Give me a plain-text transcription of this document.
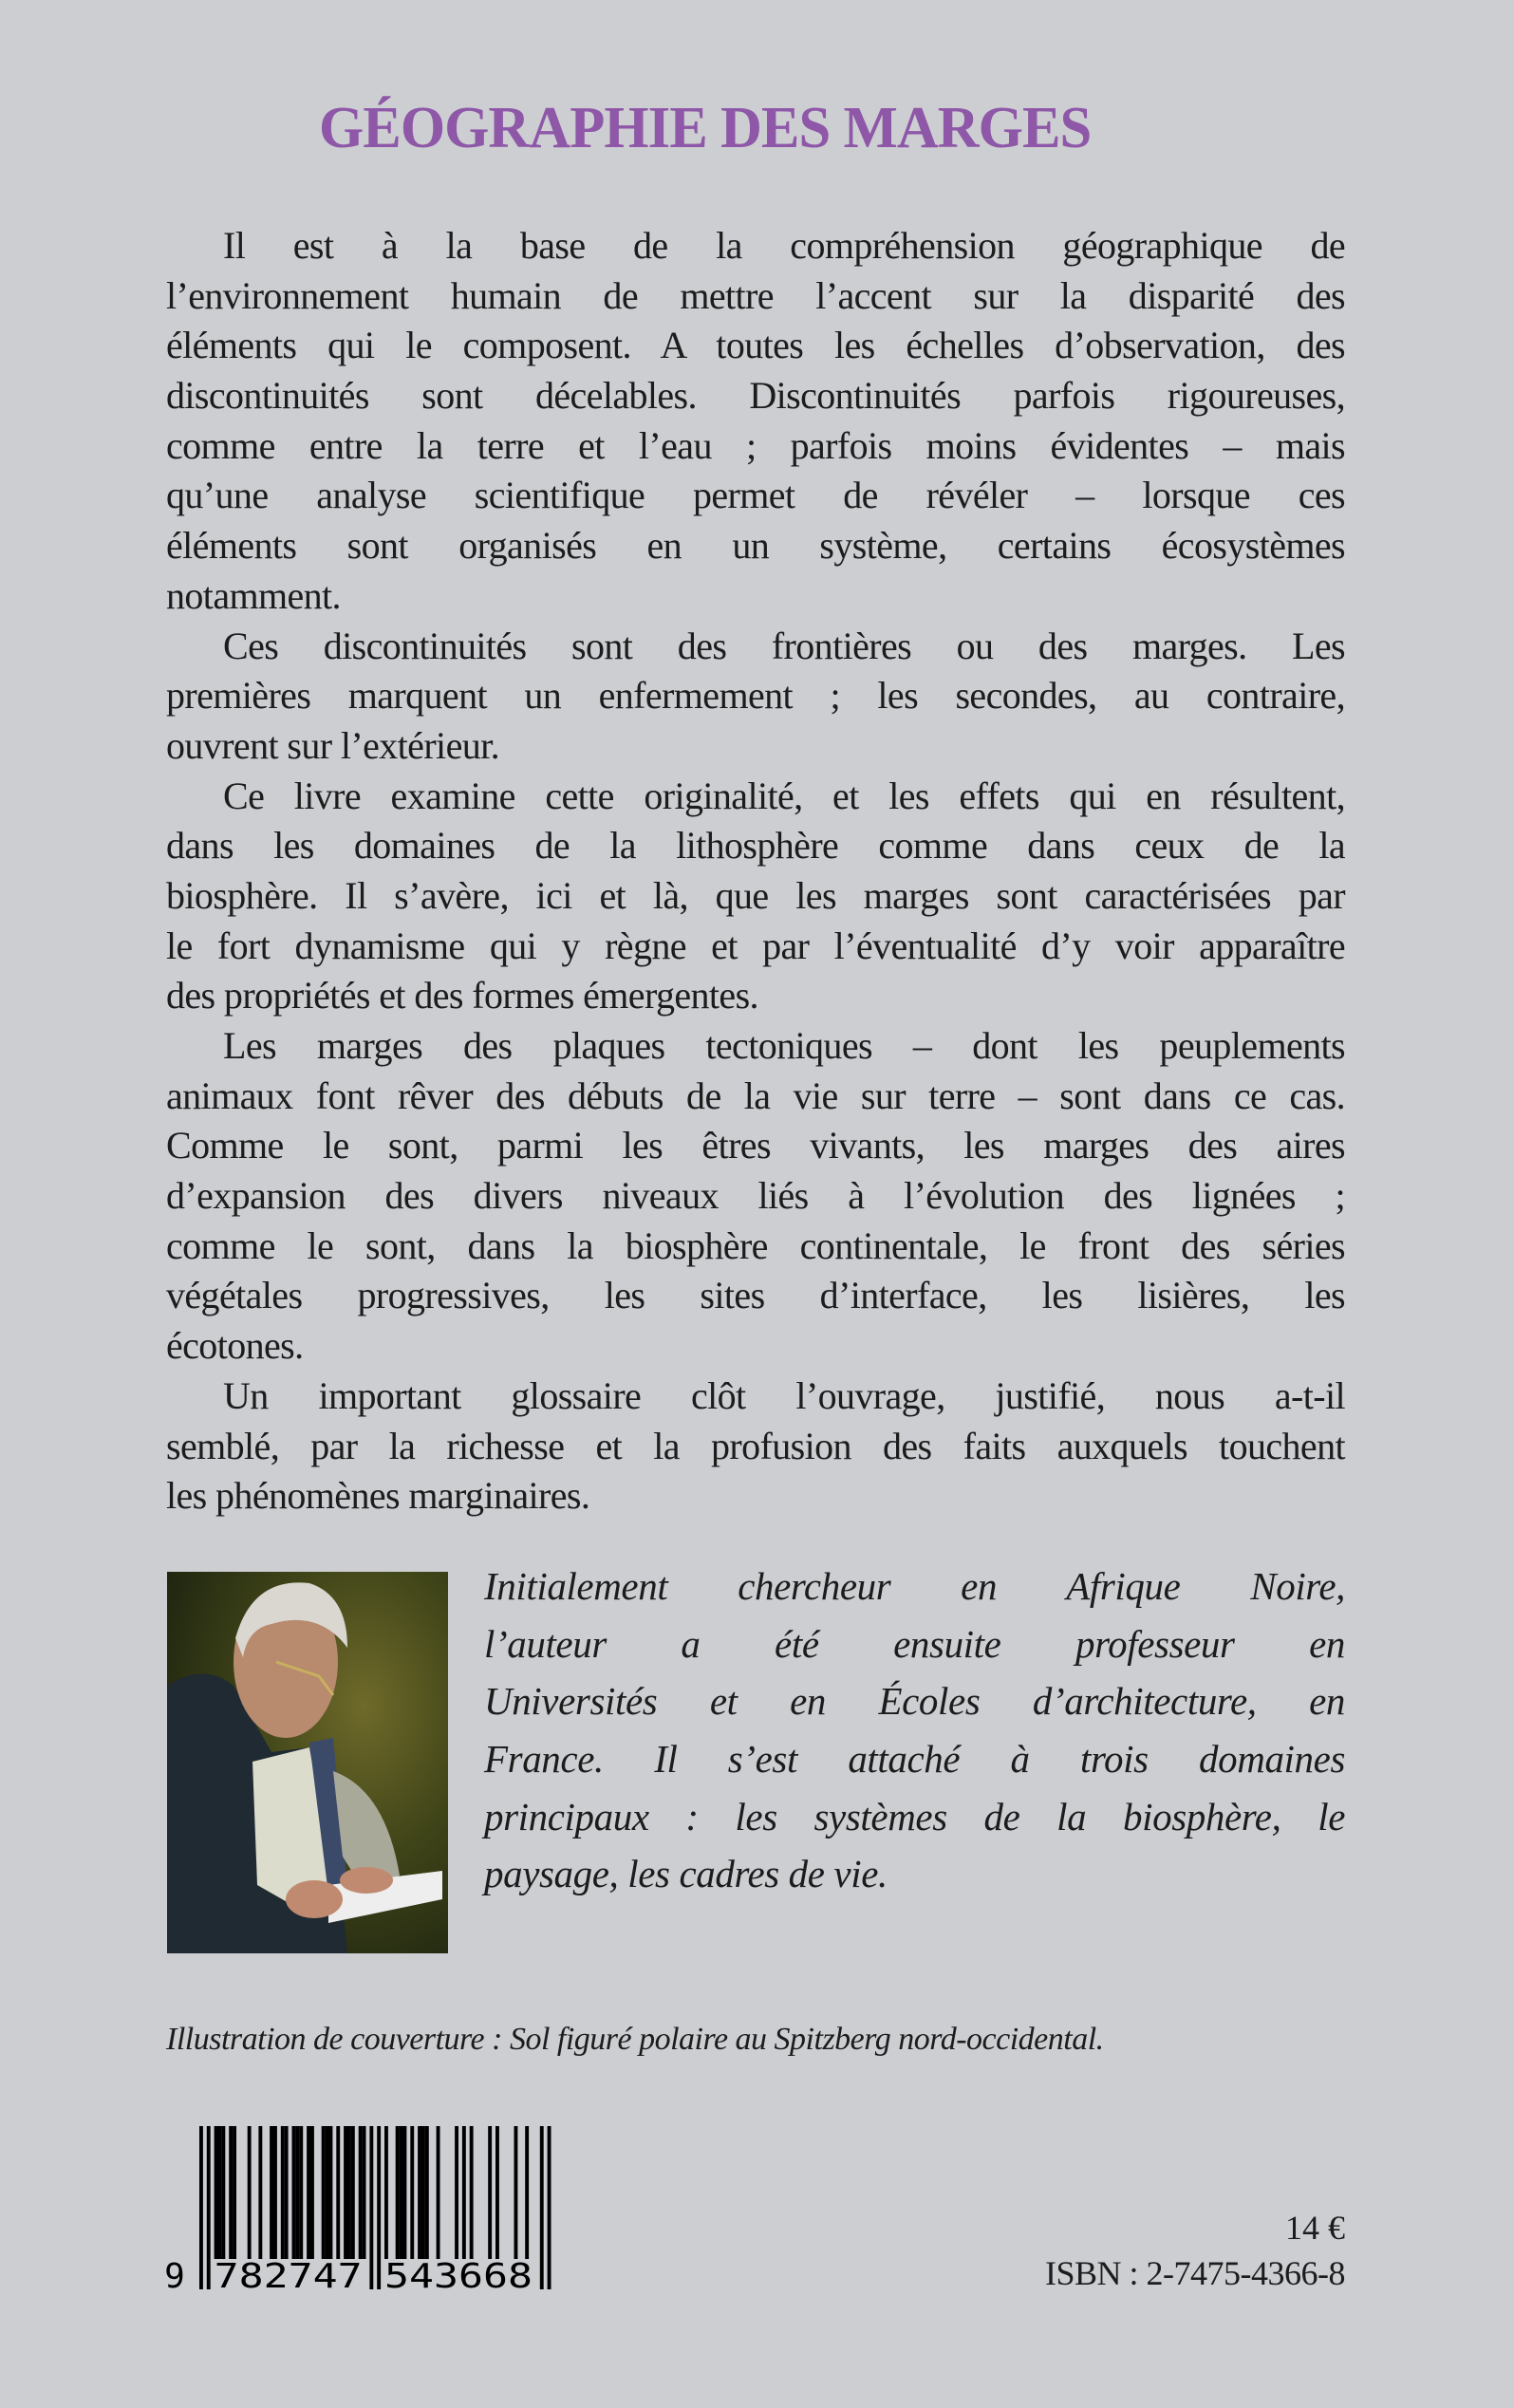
GÉOGRAPHIE DES MARGES
Il est à la base de la compréhension géographique de
l’environnement humain de mettre l’accent sur la disparité des
éléments qui le composent. A toutes les échelles d’observation, des
discontinuités sont décelables. Discontinuités parfois rigoureuses,
comme entre la terre et l’eau ; parfois moins évidentes – mais
qu’une analyse scientifique permet de révéler – lorsque ces
éléments sont organisés en un système, certains écosystèmes
notamment.
Ces discontinuités sont des frontières ou des marges. Les
premières marquent un enfermement ; les secondes, au contraire,
ouvrent sur l’extérieur.
Ce livre examine cette originalité, et les effets qui en résultent,
dans les domaines de la lithosphère comme dans ceux de la
biosphère. Il s’avère, ici et là, que les marges sont caractérisées par
le fort dynamisme qui y règne et par l’éventualité d’y voir apparaître
des propriétés et des formes émergentes.
Les marges des plaques tectoniques – dont les peuplements
animaux font rêver des débuts de la vie sur terre – sont dans ce cas.
Comme le sont, parmi les êtres vivants, les marges des aires
d’expansion des divers niveaux liés à l’évolution des lignées ;
comme le sont, dans la biosphère continentale, le front des séries
végétales progressives, les sites d’interface, les lisières, les
écotones.
Un important glossaire clôt l’ouvrage, justifié, nous a-t-il
semblé, par la richesse et la profusion des faits auxquels touchent
les phénomènes marginaires.
Initialement chercheur en Afrique Noire,
l’auteur a été ensuite professeur en
Universités et en Écoles d’architecture, en
France. Il s’est attaché à trois domaines
principaux : les systèmes de la biosphère, le
paysage, les cadres de vie.
Illustration de couverture : Sol figuré polaire au Spitzberg nord-occidental.
9 782747 543668
14 €
ISBN : 2-7475-4366-8
